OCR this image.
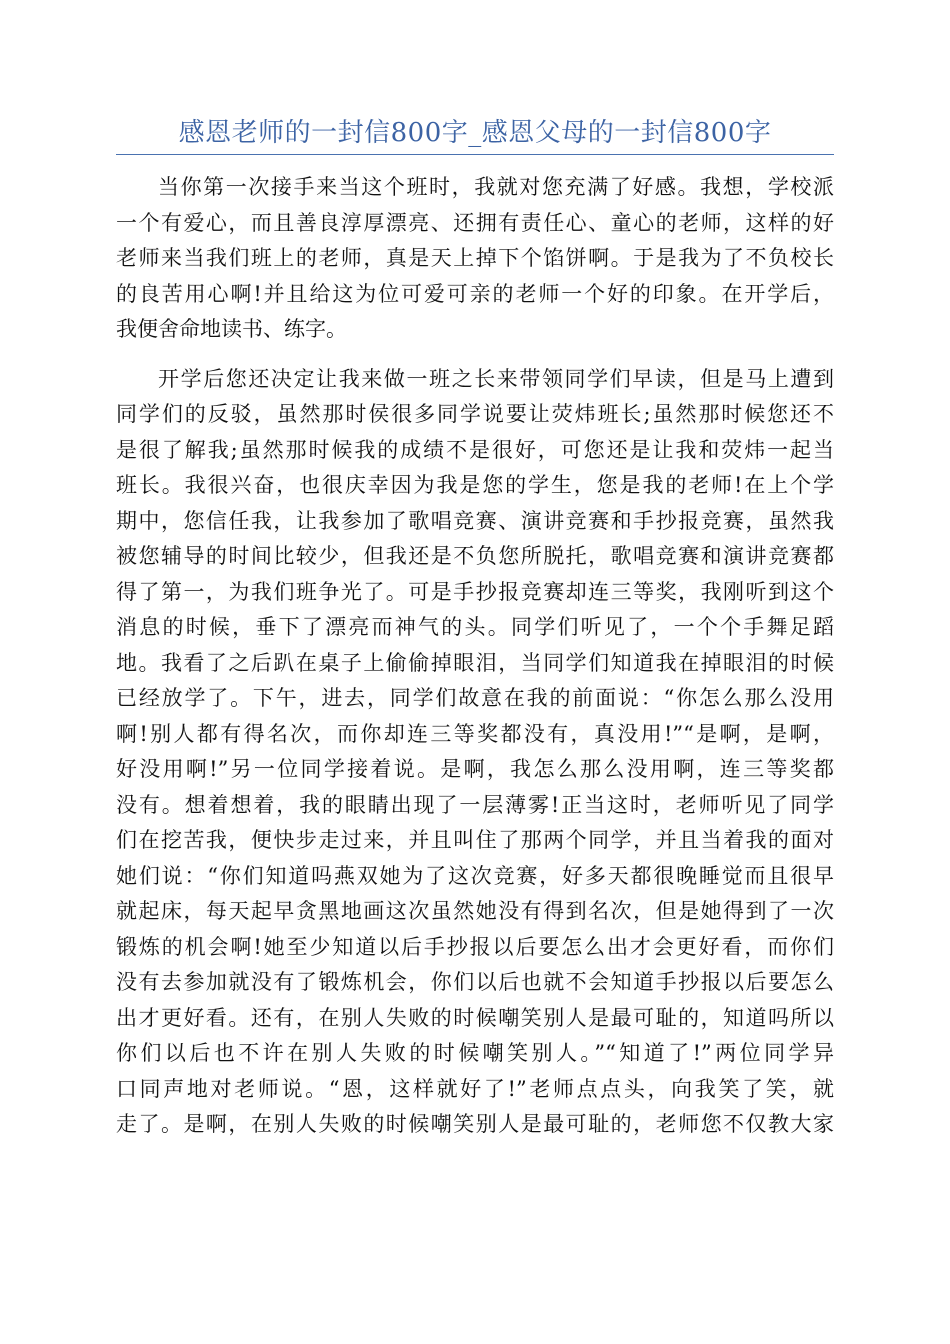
感恩老师的一封信800字_感恩父母的一封信800字
当你第一次接手来当这个班时，我就对您充满了好感。我想，学校派
一个有爱心，而且善良淳厚漂亮、还拥有责任心、童心的老师，这样的好
老师来当我们班上的老师，真是天上掉下个馅饼啊。于是我为了不负校长
的良苦用心啊!并且给这为位可爱可亲的老师一个好的印象。在开学后，
我便舍命地读书、练字。
开学后您还决定让我来做一班之长来带领同学们早读，但是马上遭到
同学们的反驳，虽然那时侯很多同学说要让荧炜班长;虽然那时候您还不
是很了解我;虽然那时候我的成绩不是很好，可您还是让我和荧炜一起当
班长。我很兴奋，也很庆幸因为我是您的学生，您是我的老师!在上个学
期中，您信任我，让我参加了歌唱竞赛、演讲竞赛和手抄报竞赛，虽然我
被您辅导的时间比较少，但我还是不负您所脱托，歌唱竞赛和演讲竞赛都
得了第一，为我们班争光了。可是手抄报竞赛却连三等奖，我刚听到这个
消息的时候，垂下了漂亮而神气的头。同学们听见了，一个个手舞足蹈
地。我看了之后趴在桌子上偷偷掉眼泪，当同学们知道我在掉眼泪的时候
已经放学了。下午，进去，同学们故意在我的前面说：“你怎么那么没用
啊!别人都有得名次，而你却连三等奖都没有，真没用!”“是啊，是啊，
好没用啊!”另一位同学接着说。是啊，我怎么那么没用啊，连三等奖都
没有。想着想着，我的眼睛出现了一层薄雾!正当这时，老师听见了同学
们在挖苦我，便快步走过来，并且叫住了那两个同学，并且当着我的面对
她们说：“你们知道吗燕双她为了这次竞赛，好多天都很晚睡觉而且很早
就起床，每天起早贪黑地画这次虽然她没有得到名次，但是她得到了一次
锻炼的机会啊!她至少知道以后手抄报以后要怎么出才会更好看，而你们
没有去参加就没有了锻炼机会，你们以后也就不会知道手抄报以后要怎么
出才更好看。还有，在别人失败的时候嘲笑别人是最可耻的，知道吗所以
你们以后也不许在别人失败的时候嘲笑别人。”“知道了!”两位同学异
口同声地对老师说。“恩，这样就好了!”老师点点头，向我笑了笑，就
走了。是啊，在别人失败的时候嘲笑别人是最可耻的，老师您不仅教大家
